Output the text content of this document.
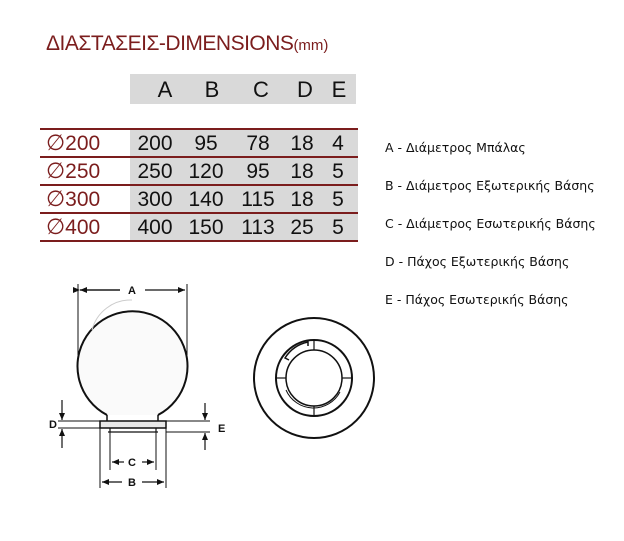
ΔΙΑΣΤΑΣΕΙΣ-DIMENSIONS(mm)
A	B	C	D E
∅200	200	95	78 18 4
∅250	250 120	95 18 5
∅300	300 140 115 18 5
∅400	400 150 113 25 5
A - Διάμετρος Μπάλας
B - Διάμετρος Εξωτερικής Βάσης
C - Διάμετρος Εσωτερικής Βάσης
D - Πάχος Εξωτερικής Βάσης
E - Πάχος Εσωτερικής Βάσης
A
D	E
C
B
